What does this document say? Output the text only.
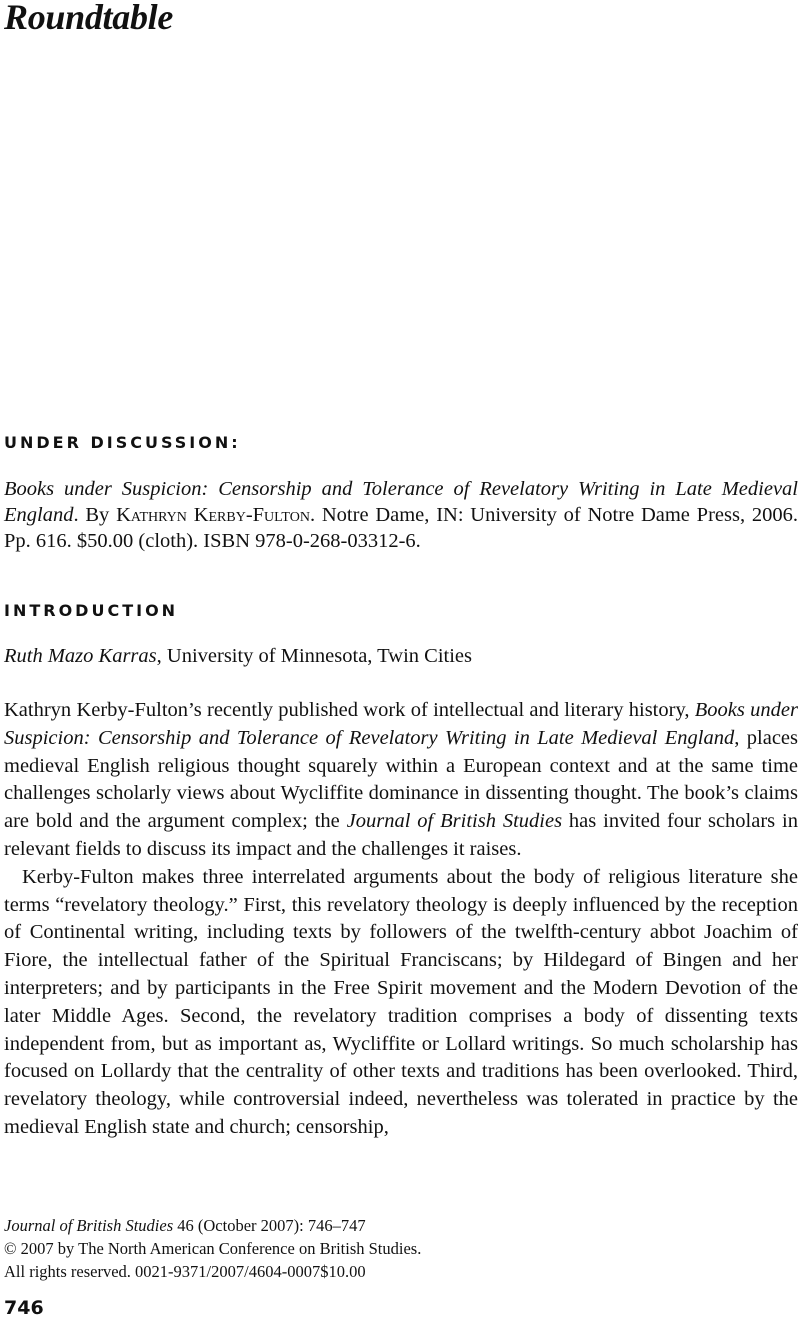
Roundtable
UNDER DISCUSSION:

Books under Suspicion: Censorship and Tolerance of Revelatory Writing in Late Medieval England. By Kathryn Kerby-Fulton. Notre Dame, IN: University of Notre Dame Press, 2006. Pp. 616. $50.00 (cloth). ISBN 978-0-268-03312-6.

INTRODUCTION

Ruth Mazo Karras, University of Minnesota, Twin Cities

Kathryn Kerby-Fulton’s recently published work of intellectual and literary history, Books under Suspicion: Censorship and Tolerance of Revelatory Writing in Late Medieval England, places medieval English religious thought squarely within a European context and at the same time challenges scholarly views about Wycliffite dominance in dissenting thought. The book’s claims are bold and the argument complex; the Journal of British Studies has invited four scholars in relevant fields to discuss its impact and the challenges it raises.

Kerby-Fulton makes three interrelated arguments about the body of religious literature she terms “revelatory theology.” First, this revelatory theology is deeply influenced by the reception of Continental writing, including texts by followers of the twelfth-century abbot Joachim of Fiore, the intellectual father of the Spiritual Franciscans; by Hildegard of Bingen and her interpreters; and by participants in the Free Spirit movement and the Modern Devotion of the later Middle Ages. Second, the revelatory tradition comprises a body of dissenting texts independent from, but as important as, Wycliffite or Lollard writings. So much scholarship has focused on Lollardy that the centrality of other texts and traditions has been overlooked. Third, revelatory theology, while controversial indeed, nevertheless was tolerated in practice by the medieval English state and church; censorship,

Journal of British Studies 46 (October 2007): 746–747
© 2007 by The North American Conference on British Studies.
All rights reserved. 0021-9371/2007/4604-0007$10.00
746
